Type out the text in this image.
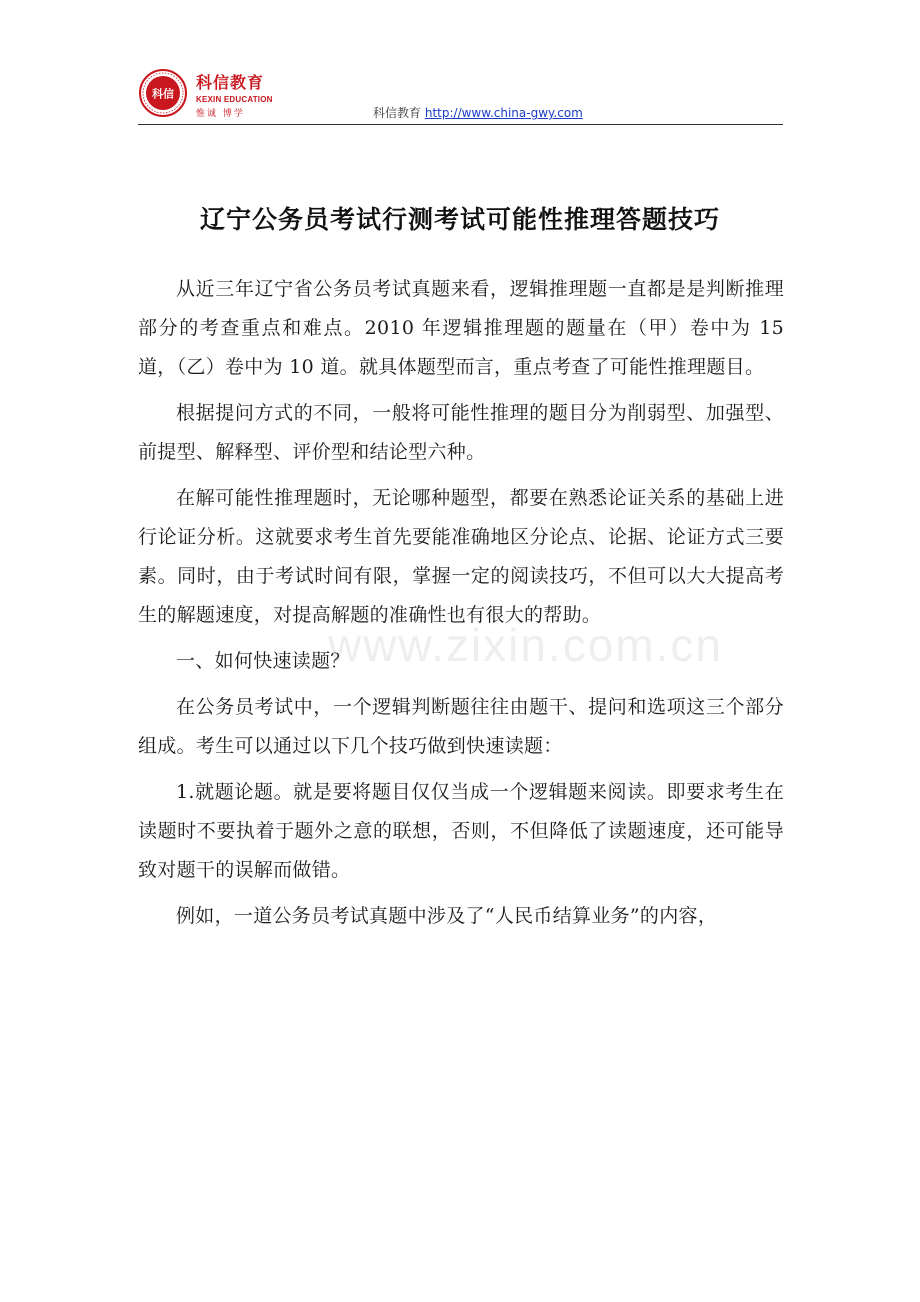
科信
科信教育
KEXIN EDUCATION
惟诚 博学	科信教育 http://www.china-gwy.com
辽宁公务员考试行测考试可能性推理答题技巧

从近三年辽宁省公务员考试真题来看，逻辑推理题一直都是是判断推理部分的考查重点和难点。2010 年逻辑推理题的题量在（甲）卷中为 15 道，（乙）卷中为 10 道。就具体题型而言，重点考查了可能性推理题目。

根据提问方式的不同，一般将可能性推理的题目分为削弱型、加强型、前提型、解释型、评价型和结论型六种。

在解可能性推理题时，无论哪种题型，都要在熟悉论证关系的基础上进行论证分析。这就要求考生首先要能准确地区分论点、论据、论证方式三要素。同时，由于考试时间有限，掌握一定的阅读技巧，不但可以大大提高考生的解题速度，对提高解题的准确性也有很大的帮助。

一、如何快速读题？

在公务员考试中，一个逻辑判断题往往由题干、提问和选项这三个部分组成。考生可以通过以下几个技巧做到快速读题：

1.就题论题。就是要将题目仅仅当成一个逻辑题来阅读。即要求考生在读题时不要执着于题外之意的联想，否则，不但降低了读题速度，还可能导致对题干的误解而做错。

例如，一道公务员考试真题中涉及了“人民币结算业务”的内容，

www.zixin.com.cn
